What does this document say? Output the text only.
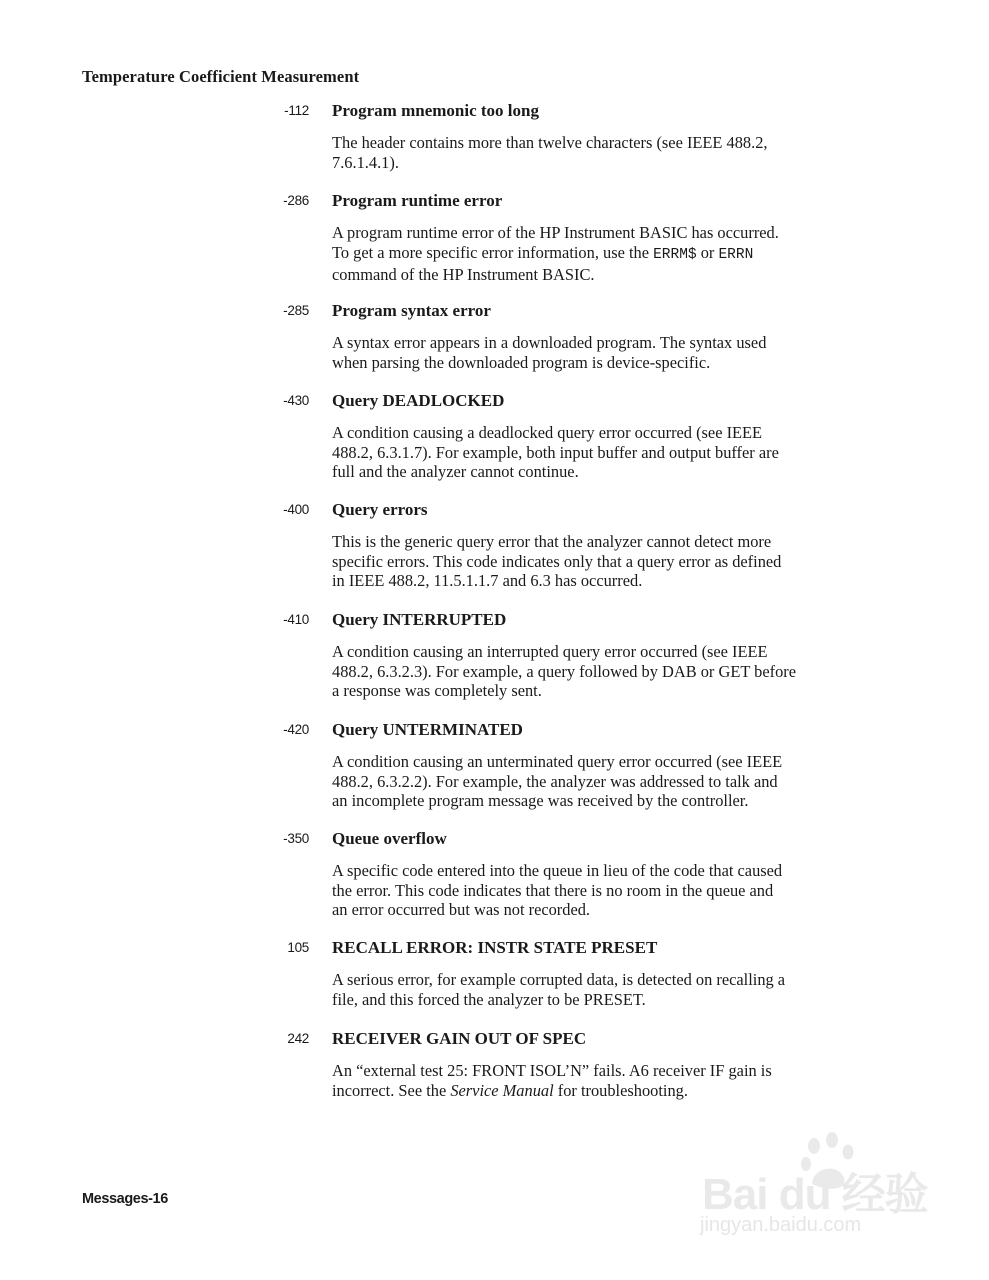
Temperature Coefficient Measurement
-112 Program mnemonic too long
The header contains more than twelve characters (see IEEE 488.2,
7.6.1.4.1).
-286 Program runtime error
A program runtime error of the HP Instrument BASIC has occurred.
To get a more specific error information, use the ERRM$ or ERRN
command of the HP Instrument BASIC.
-285 Program syntax error
A syntax error appears in a downloaded program. The syntax used
when parsing the downloaded program is device-specific.
-430 Query DEADLOCKED
A condition causing a deadlocked query error occurred (see IEEE
488.2, 6.3.1.7). For example, both input buffer and output buffer are
full and the analyzer cannot continue.
-400 Query errors
This is the generic query error that the analyzer cannot detect more
specific errors. This code indicates only that a query error as defined
in IEEE 488.2, 11.5.1.1.7 and 6.3 has occurred.
-410 Query INTERRUPTED
A condition causing an interrupted query error occurred (see IEEE
488.2, 6.3.2.3). For example, a query followed by DAB or GET before
a response was completely sent.
-420 Query UNTERMINATED
A condition causing an unterminated query error occurred (see IEEE
488.2, 6.3.2.2). For example, the analyzer was addressed to talk and
an incomplete program message was received by the controller.
-350 Queue overflow
A specific code entered into the queue in lieu of the code that caused
the error. This code indicates that there is no room in the queue and
an error occurred but was not recorded.
105 RECALL ERROR: INSTR STATE PRESET
A serious error, for example corrupted data, is detected on recalling a
file, and this forced the analyzer to be PRESET.
242 RECEIVER GAIN OUT OF SPEC
An “external test 25: FRONT ISOL’N” fails. A6 receiver IF gain is
incorrect. See the Service Manual for troubleshooting.
Messages-16	Bai du 经验
jingyan.baidu.com
